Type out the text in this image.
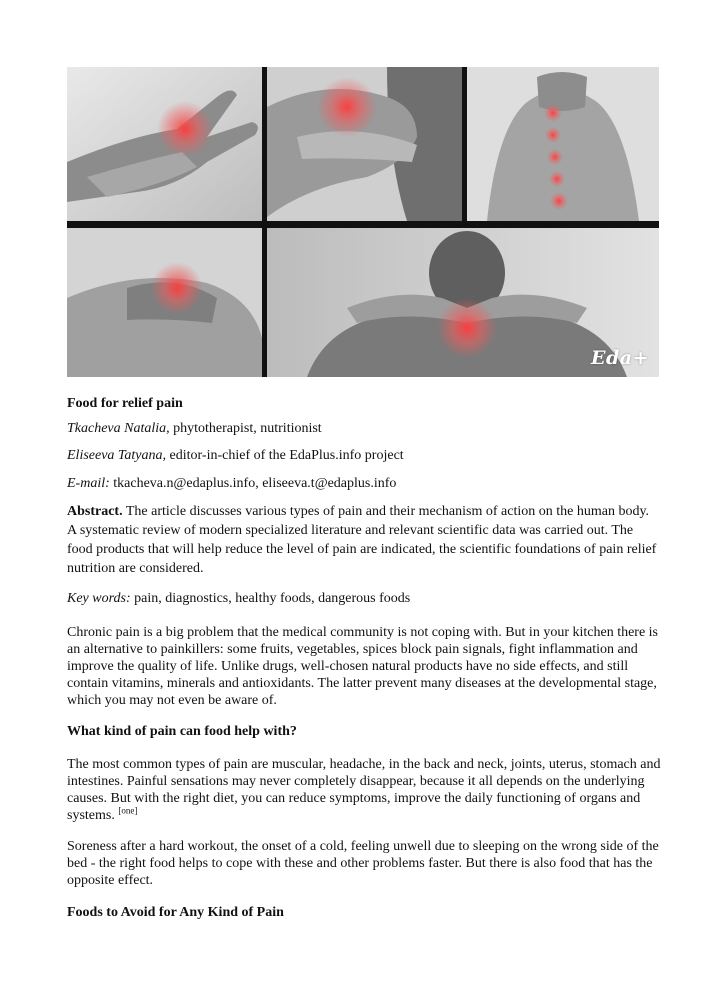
Eda+
Food for relief pain
Tkacheva Natalia, phytotherapist, nutritionist
Eliseeva Tatyana, editor-in-chief of the EdaPlus.info project
E-mail: tkacheva.n@edaplus.info, eliseeva.t@edaplus.info
Abstract. The article discusses various types of pain and their mechanism of action on the human body. A systematic review of modern specialized literature and relevant scientific data was carried out. The food products that will help reduce the level of pain are indicated, the scientific foundations of pain relief nutrition are considered.
Key words: pain, diagnostics, healthy foods, dangerous foods
Chronic pain is a big problem that the medical community is not coping with. But in your kitchen there is an alternative to painkillers: some fruits, vegetables, spices block pain signals, fight inflammation and improve the quality of life. Unlike drugs, well-chosen natural products have no side effects, and still contain vitamins, minerals and antioxidants. The latter prevent many diseases at the developmental stage, which you may not even be aware of.
What kind of pain can food help with?
The most common types of pain are muscular, headache, in the back and neck, joints, uterus, stomach and intestines. Painful sensations may never completely disappear, because it all depends on the underlying causes. But with the right diet, you can reduce symptoms, improve the daily functioning of organs and systems. [one]
Soreness after a hard workout, the onset of a cold, feeling unwell due to sleeping on the wrong side of the bed - the right food helps to cope with these and other problems faster. But there is also food that has the opposite effect.
Foods to Avoid for Any Kind of Pain
